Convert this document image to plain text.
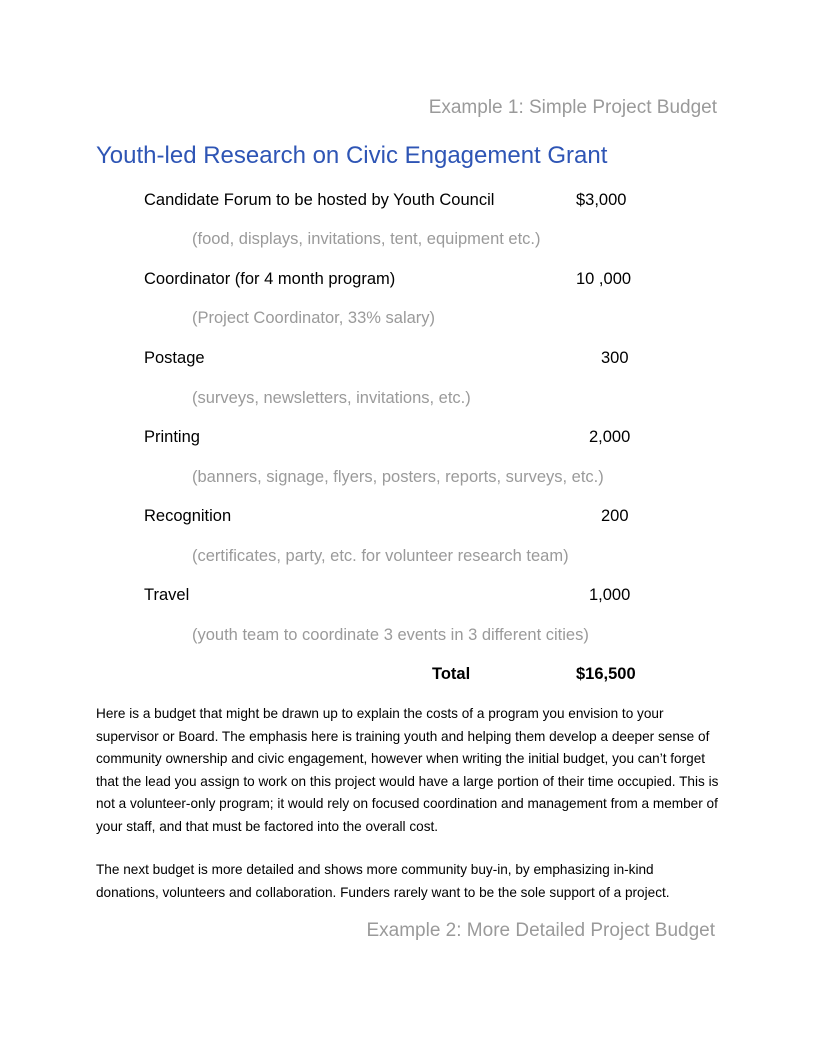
Example 1: Simple Project Budget
Youth-led Research on Civic Engagement Grant
Candidate Forum to be hosted by Youth Council	$3,000
(food, displays, invitations, tent, equipment etc.)
Coordinator (for 4 month program)	10 ,000
(Project Coordinator, 33% salary)
Postage	300
(surveys, newsletters, invitations, etc.)
Printing	2,000
(banners, signage, flyers, posters, reports, surveys, etc.)
Recognition	200
(certificates, party, etc. for volunteer research team)
Travel	1,000
(youth team to coordinate 3 events in 3 different cities)
Total	$16,500

Here is a budget that might be drawn up to explain the costs of a program you envision to your supervisor or Board. The emphasis here is training youth and helping them develop a deeper sense of community ownership and civic engagement, however when writing the initial budget, you can’t forget that the lead you assign to work on this project would have a large portion of their time occupied. This is not a volunteer-only program; it would rely on focused coordination and management from a member of your staff, and that must be factored into the overall cost.

The next budget is more detailed and shows more community buy-in, by emphasizing in-kind donations, volunteers and collaboration. Funders rarely want to be the sole support of a project.

Example 2: More Detailed Project Budget
